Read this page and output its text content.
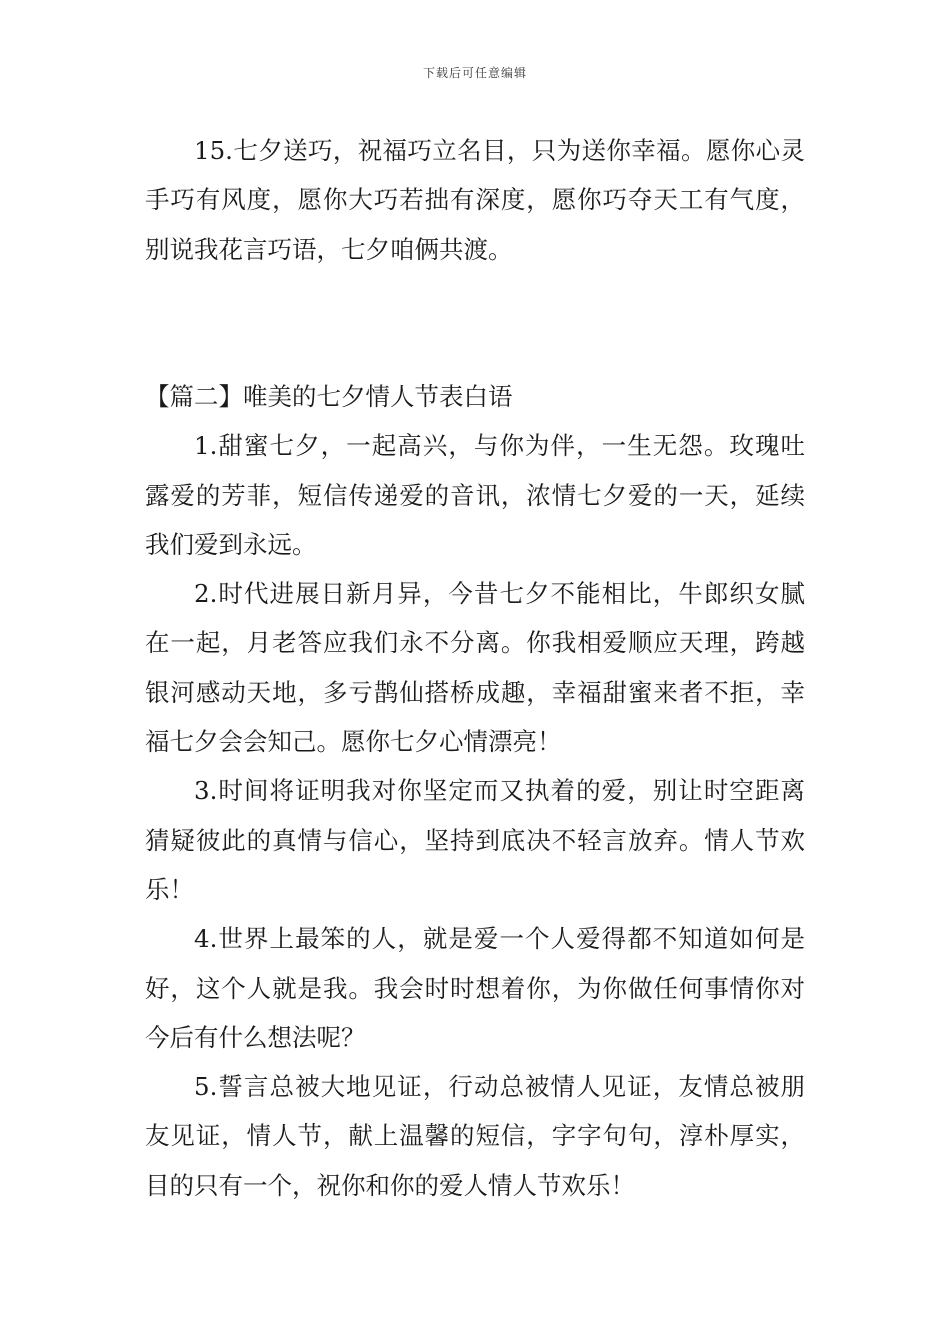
下载后可任意编辑

15.七夕送巧，祝福巧立名目，只为送你幸福。愿你心灵手巧有风度，愿你大巧若拙有深度，愿你巧夺天工有气度，别说我花言巧语，七夕咱俩共渡。

【篇二】唯美的七夕情人节表白语

1.甜蜜七夕，一起高兴，与你为伴，一生无怨。玫瑰吐露爱的芳菲，短信传递爱的音讯，浓情七夕爱的一天，延续我们爱到永远。

2.时代进展日新月异，今昔七夕不能相比，牛郎织女腻在一起，月老答应我们永不分离。你我相爱顺应天理，跨越银河感动天地，多亏鹊仙搭桥成趣，幸福甜蜜来者不拒，幸福七夕会会知己。愿你七夕心情漂亮！

3.时间将证明我对你坚定而又执着的爱，别让时空距离猜疑彼此的真情与信心，坚持到底决不轻言放弃。情人节欢乐！

4.世界上最笨的人，就是爱一个人爱得都不知道如何是好，这个人就是我。我会时时想着你，为你做任何事情你对今后有什么想法呢？

5.誓言总被大地见证，行动总被情人见证，友情总被朋友见证，情人节，献上温馨的短信，字字句句，淳朴厚实，目的只有一个，祝你和你的爱人情人节欢乐！
